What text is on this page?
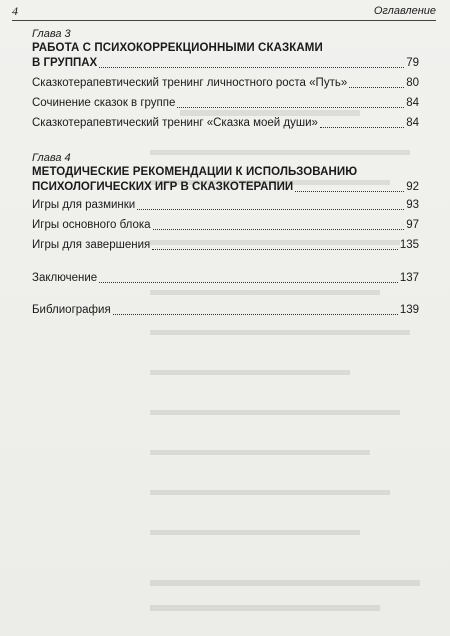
4	Оглавление
Глава 3
РАБОТА С ПСИХОКОРРЕКЦИОННЫМИ СКАЗКАМИ
В ГРУППАХ	79
Сказкотерапевтический тренинг личностного роста «Путь»	80
Сочинение сказок в группе	84
Сказкотерапевтический тренинг «Сказка моей души»	84
Глава 4
МЕТОДИЧЕСКИЕ РЕКОМЕНДАЦИИ К ИСПОЛЬЗОВАНИЮ
ПСИХОЛОГИЧЕСКИХ ИГР В СКАЗКОТЕРАПИИ	92
Игры для разминки	93
Игры основного блока	97
Игры для завершения	135
Заключение	137
Библиография	139
